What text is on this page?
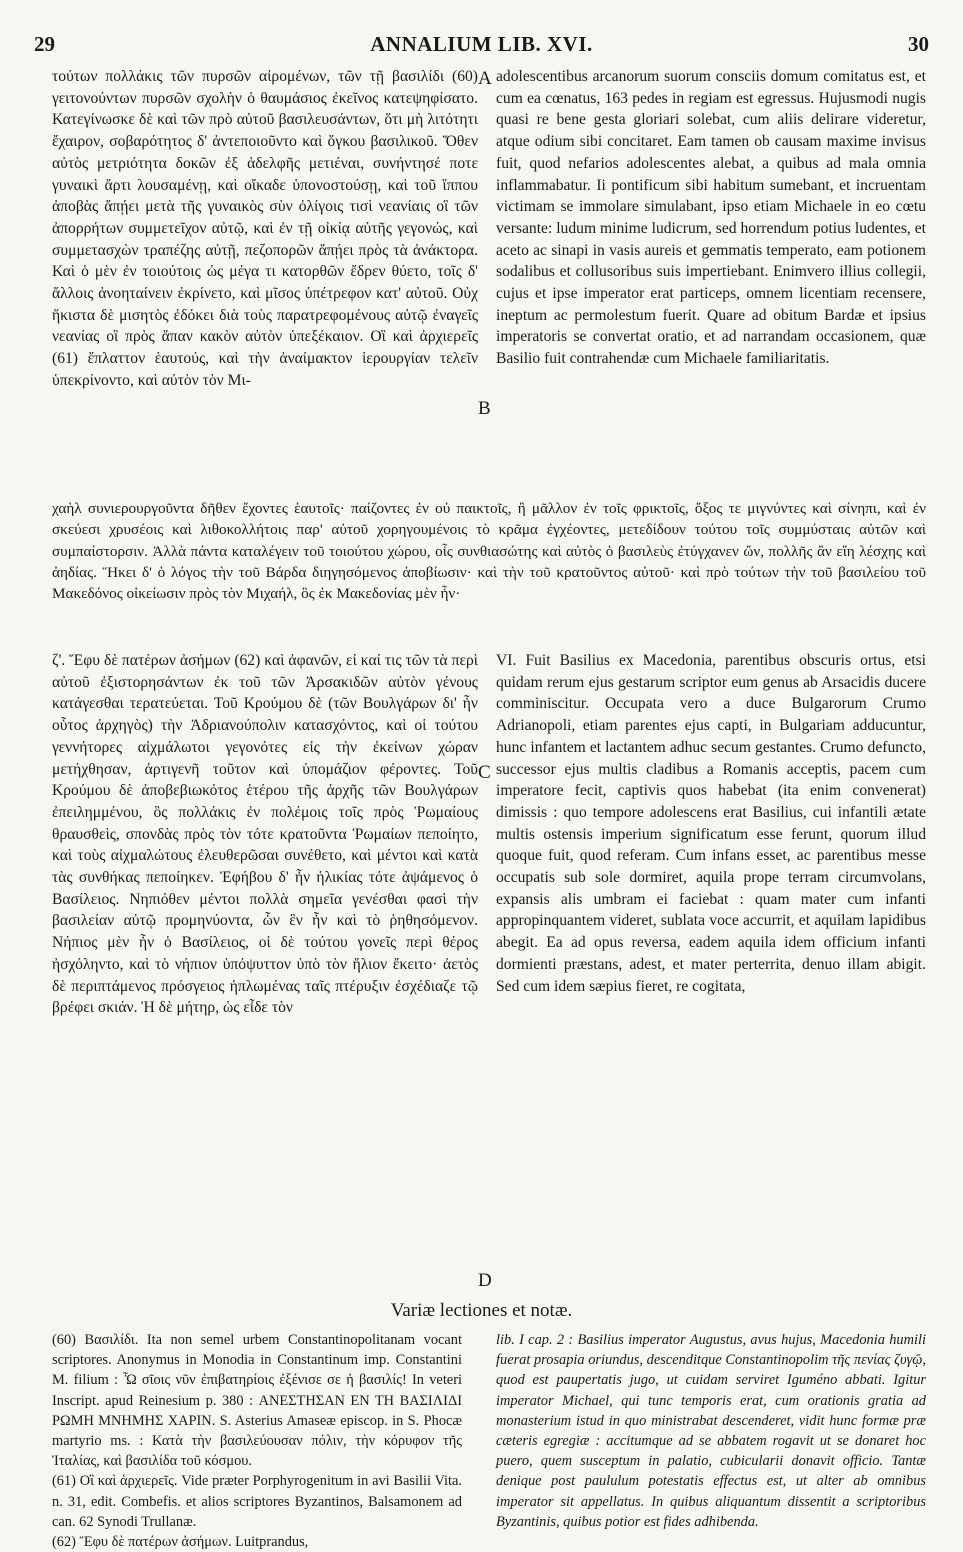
29	ANNALIUM LIB. XVI.	30

τούτων πολλάκις τῶν πυρσῶν αἰρομένων, τῶν τῇ βασιλίδι (60) γειτονούντων πυρσῶν σχολὴν ὁ θαυμάσιος ἐκεῖνος κατεψηφίσατο. Κατεγίνωσκε δὲ καὶ τῶν πρὸ αὐτοῦ βασιλευσάντων, ὅτι μὴ λιτότητι ἔχαιρον, σοβαρότητος δ' ἀντεποιοῦντο καὶ ὄγκου βασιλικοῦ. Ὅθεν αὐτὸς μετριότητα δοκῶν ἐξ ἀδελφῆς μετιέναι, συνήντησέ ποτε γυναικὶ ἄρτι λουσαμένῃ, καὶ οἴκαδε ὑπονοστούσῃ, καὶ τοῦ ἵππου ἀποβὰς ἄπῄει μετὰ τῆς γυναικὸς σὺν ὀλίγοις τισὶ νεανίαις οἳ τῶν ἀπορρήτων συμμετεῖχον αὐτῷ, καὶ ἐν τῇ οἰκίᾳ αὐτῆς γεγονώς, καὶ συμμετασχὼν τραπέζης αὐτῇ, πεζοπορῶν ἄπῄει πρὸς τὰ ἀνάκτορα. Καὶ ὁ μὲν ἐν τοιούτοις ὡς μέγα τι κατορθῶν ἔδρεν θύετο, τοῖς δ' ἄλλοις ἀνοηταίνειν ἐκρίνετο, καὶ μῖσος ὑπέτρεφον κατ' αὐτοῦ. Οὐχ ἥκιστα δὲ μισητὸς ἐδόκει διὰ τοὺς παρατρεφομένους αὐτῷ ἐναγεῖς νεανίας οἳ πρὸς ἅπαν κακὸν αὐτὸν ὑπεξέκαιον. Οἳ καὶ ἀρχιερεῖς (61) ἔπλαττον ἑαυτούς, καὶ τὴν ἀναίμακτον ἱερουργίαν τελεῖν ὑπεκρίνοντο, καὶ αὐτὸν τὸν Μι-

adolescentibus arcanorum suorum consciis domum comitatus est, et cum ea cœnatus, 163 pedes in regiam est egressus. Hujusmodi nugis quasi re bene gesta gloriari solebat, cum aliis delirare videretur, atque odium sibi concitaret. Eam tamen ob causam maxime invisus fuit, quod nefarios adolescentes alebat, a quibus ad mala omnia inflammabatur. Ii pontificum sibi habitum sumebant, et incruentam victimam se immolare simulabant, ipso etiam Michaele in eo cœtu versante: ludum minime ludicrum, sed horrendum potius ludentes, et aceto ac sinapi in vasis aureis et gemmatis temperato, eam potionem sodalibus et collusoribus suis impertiebant. Enimvero illius collegii, cujus et ipse imperator erat particeps, omnem licentiam recensere, ineptum ac permolestum fuerit. Quare ad obitum Bardæ et ipsius imperatoris se convertat oratio, et ad narrandam occasionem, quæ Basilio fuit contrahendæ cum Michaele familiaritatis.

A
B
C
D

χαὴλ συνιερουργοῦντα δῆθεν ἔχοντες ἑαυτοῖς· παίζοντες ἐν οὐ παικτοῖς, ἢ μᾶλλον ἐν τοῖς φρικτοῖς, ὄξος τε μιγνύντες καὶ σίνηπι, καὶ ἐν σκεύεσι χρυσέοις καὶ λιθοκολλήτοις παρ' αὐτοῦ χορηγουμένοις τὸ κρᾶμα ἐγχέοντες, μετεδίδουν τούτου τοῖς συμμύσταις αὐτῶν καὶ συμπαίστορσιν. Ἀλλὰ πάντα καταλέγειν τοῦ τοιούτου χώρου, οἷς συνθιασώτης καὶ αὐτὸς ὁ βασιλεὺς ἐτύγχανεν ὤν, πολλῆς ἂν εἴη λέσχης καὶ ἀηδίας. Ἥκει δ' ὁ λόγος τὴν τοῦ Βάρδα διηγησόμενος ἀποβίωσιν· καὶ τὴν τοῦ κρατοῦντος αὐτοῦ· καὶ πρὸ τούτων τὴν τοῦ βασιλείου τοῦ Μακεδόνος οἰκείωσιν πρὸς τὸν Μιχαήλ, ὃς ἐκ Μακεδονίας μὲν ἦν·

ζ'. Ἔφυ δὲ πατέρων ἀσήμων (62) καὶ ἀφανῶν, εἰ καί τις τῶν τὰ περὶ αὐτοῦ ἐξιστορησάντων ἐκ τοῦ τῶν Ἀρσακιδῶν αὐτὸν γένους κατάγεσθαι τερατεύεται. Τοῦ Κρούμου δὲ (τῶν Βουλγάρων δι' ἦν οὗτος ἀρχηγὸς) τὴν Ἀδριανούπολιν κατασχόντος, καὶ οἱ τούτου γεννήτορες αἰχμάλωτοι γεγονότες εἰς τὴν ἐκείνων χώραν μετήχθησαν, ἀρτιγενῆ τοῦτον καὶ ὑπομάζιον φέροντες. Τοῦ Κρούμου δὲ ἀποβεβιωκότος ἑτέρου τῆς ἀρχῆς τῶν Βουλγάρων ἐπειλημμένου, ὃς πολλάκις ἐν πολέμοις τοῖς πρὸς Ῥωμαίους θραυσθεὶς, σπονδὰς πρὸς τὸν τότε κρατοῦντα Ῥωμαίων πεποίητο, καὶ τοὺς αἰχμαλώτους ἐλευθερῶσαι συνέθετο, καὶ μέντοι καὶ κατὰ τὰς συνθήκας πεποίηκεν. Ἐφήβου δ' ἦν ἡλικίας τότε ἀψάμενος ὁ Βασίλειος. Νηπιόθεν μέντοι πολλὰ σημεῖα γενέσθαι φασὶ τὴν βασιλείαν αὐτῷ προμηνύοντα, ὧν ἓν ἦν καὶ τὸ ῥηθησόμενον. Νήπιος μὲν ἦν ὁ Βασίλειος, οἱ δὲ τούτου γονεῖς περὶ θέρος ἠσχόληντο, καὶ τὸ νήπιον ὑπόψυττον ὑπὸ τὸν ἥλιον ἔκειτο· ἀετὸς δὲ περιπτάμενος πρόσγειος ἡπλωμένας ταῖς πτέρυξιν ἐσχέδιαζε τῷ βρέφει σκιάν. Ἡ δὲ μήτηρ, ὡς εἶδε τὸν

VI. Fuit Basilius ex Macedonia, parentibus obscuris ortus, etsi quidam rerum ejus gestarum scriptor eum genus ab Arsacidis ducere comminiscitur. Occupata vero a duce Bulgarorum Crumo Adrianopoli, etiam parentes ejus capti, in Bulgariam adducuntur, hunc infantem et lactantem adhuc secum gestantes. Crumo defuncto, successor ejus multis cladibus a Romanis acceptis, pacem cum imperatore fecit, captivis quos habebat (ita enim convenerat) dimissis : quo tempore adolescens erat Basilius, cui infantili ætate multis ostensis imperium significatum esse ferunt, quorum illud quoque fuit, quod referam. Cum infans esset, ac parentibus messe occupatis sub sole dormiret, aquila prope terram circumvolans, expansis alis umbram ei faciebat : quam mater cum infanti appropinquantem videret, sublata voce accurrit, et aquilam lapidibus abegit. Ea ad opus reversa, eadem aquila idem officium infanti dormienti præstans, adest, et mater perterrita, denuo illam abigit. Sed cum idem sæpius fieret, re cogitata,

Variæ lectiones et notæ.

(60) Βασιλίδι. Ita non semel urbem Constantinopolitanam vocant scriptores. Anonymus in Monodia in Constantinum imp. Constantini M. filium : Ὦ σῖοις νῦν ἐπιβατηρίοις ἐξένισε σε ἡ βασιλίς! In veteri Inscript. apud Reinesium p. 380 : ΑΝΕΣΤΗΣΑΝ ΕΝ ΤΗ ΒΑΣΙΛΙΔΙ ΡΩΜΗ ΜΝΗΜΗΣ ΧΑΡΙΝ. S. Asterius Amaseæ episcop. in S. Phocæ martyrio ms. : Κατὰ τὴν βασιλεύουσαν πόλιν, τὴν κόρυφον τῆς Ἰταλίας, καὶ βασιλίδα τοῦ κόσμου.

(61) Οἳ καὶ ἀρχιερεῖς. Vide præter Porphyrogenitum in avi Basilii Vita. n. 31, edit. Combefis. et alios scriptores Byzantinos, Balsamonem ad can. 62 Synodi Trullanæ.

(62) Ἔφυ δὲ πατέρων ἀσήμων. Luitprandus,

lib. I cap. 2 : Basilius imperator Augustus, avus hujus, Macedonia humili fuerat prosapia oriundus, descenditque Constantinopolim τῆς πενίας ζυγῷ, quod est paupertatis jugo, ut cuidam serviret Iguméno abbati. Igitur imperator Michael, qui tunc temporis erat, cum orationis gratia ad monasterium istud in quo ministrabat descenderet, vidit hunc formæ præ cæteris egregiæ : accitumque ad se abbatem rogavit ut se donaret hoc puero, quem susceptum in palatio, cubicularii donavit officio. Tantæ denique post paululum potestatis effectus est, ut alter ab omnibus imperator sit appellatus. In quibus aliquantum dissentit a scriptoribus Byzantinis, quibus potior est fides adhibenda.
